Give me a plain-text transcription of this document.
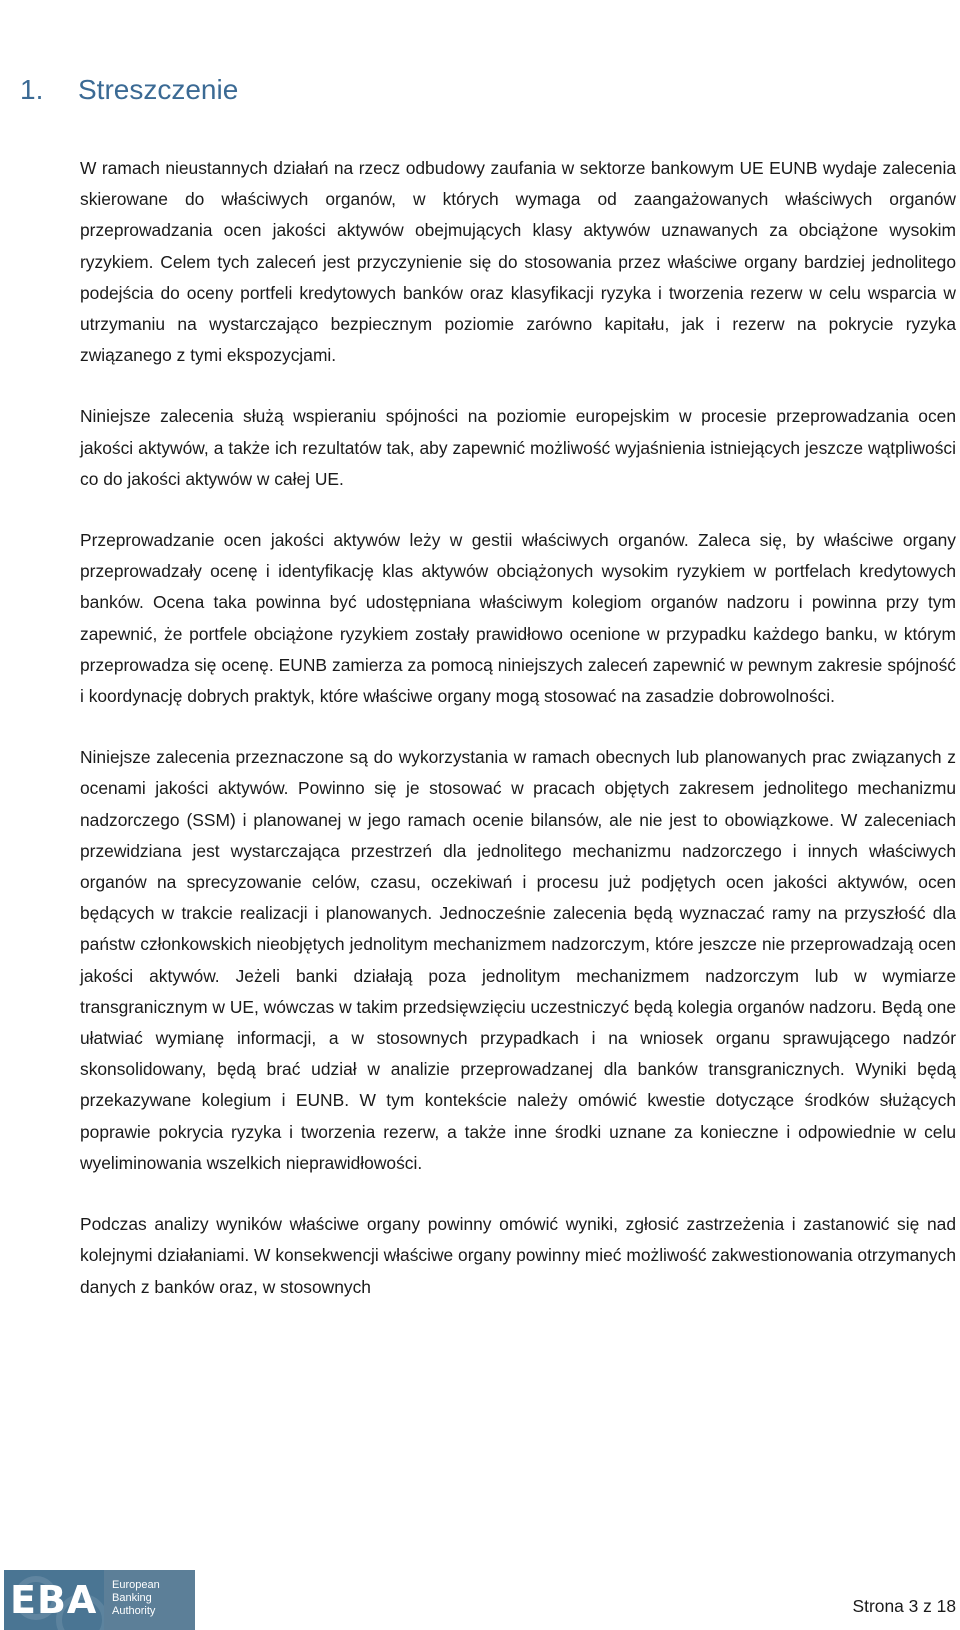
1. Streszczenie

W ramach nieustannych działań na rzecz odbudowy zaufania w sektorze bankowym UE EUNB wydaje zalecenia skierowane do właściwych organów, w których wymaga od zaangażowanych właściwych organów przeprowadzania ocen jakości aktywów obejmujących klasy aktywów uznawanych za obciążone wysokim ryzykiem. Celem tych zaleceń jest przyczynienie się do stosowania przez właściwe organy bardziej jednolitego podejścia do oceny portfeli kredytowych banków oraz klasyfikacji ryzyka i tworzenia rezerw w celu wsparcia w utrzymaniu na wystarczająco bezpiecznym poziomie zarówno kapitału, jak i rezerw na pokrycie ryzyka związanego z tymi ekspozycjami.

Niniejsze zalecenia służą wspieraniu spójności na poziomie europejskim w procesie przeprowadzania ocen jakości aktywów, a także ich rezultatów tak, aby zapewnić możliwość wyjaśnienia istniejących jeszcze wątpliwości co do jakości aktywów w całej UE.

Przeprowadzanie ocen jakości aktywów leży w gestii właściwych organów. Zaleca się, by właściwe organy przeprowadzały ocenę i identyfikację klas aktywów obciążonych wysokim ryzykiem w portfelach kredytowych banków. Ocena taka powinna być udostępniana właściwym kolegiom organów nadzoru i powinna przy tym zapewnić, że portfele obciążone ryzykiem zostały prawidłowo ocenione w przypadku każdego banku, w którym przeprowadza się ocenę. EUNB zamierza za pomocą niniejszych zaleceń zapewnić w pewnym zakresie spójność i koordynację dobrych praktyk, które właściwe organy mogą stosować na zasadzie dobrowolności.

Niniejsze zalecenia przeznaczone są do wykorzystania w ramach obecnych lub planowanych prac związanych z ocenami jakości aktywów. Powinno się je stosować w pracach objętych zakresem jednolitego mechanizmu nadzorczego (SSM) i planowanej w jego ramach ocenie bilansów, ale nie jest to obowiązkowe. W zaleceniach przewidziana jest wystarczająca przestrzeń dla jednolitego mechanizmu nadzorczego i innych właściwych organów na sprecyzowanie celów, czasu, oczekiwań i procesu już podjętych ocen jakości aktywów, ocen będących w trakcie realizacji i planowanych. Jednocześnie zalecenia będą wyznaczać ramy na przyszłość dla państw członkowskich nieobjętych jednolitym mechanizmem nadzorczym, które jeszcze nie przeprowadzają ocen jakości aktywów. Jeżeli banki działają poza jednolitym mechanizmem nadzorczym lub w wymiarze transgranicznym w UE, wówczas w takim przedsięwzięciu uczestniczyć będą kolegia organów nadzoru. Będą one ułatwiać wymianę informacji, a w stosownych przypadkach i na wniosek organu sprawującego nadzór skonsolidowany, będą brać udział w analizie przeprowadzanej dla banków transgranicznych. Wyniki będą przekazywane kolegium i EUNB. W tym kontekście należy omówić kwestie dotyczące środków służących poprawie pokrycia ryzyka i tworzenia rezerw, a także inne środki uznane za konieczne i odpowiednie w celu wyeliminowania wszelkich nieprawidłowości.

Podczas analizy wyników właściwe organy powinny omówić wyniki, zgłosić zastrzeżenia i zastanowić się nad kolejnymi działaniami. W konsekwencji właściwe organy powinny mieć możliwość zakwestionowania otrzymanych danych z banków oraz, w stosownych

EBA European
Banking
Authority	Strona 3 z 18
